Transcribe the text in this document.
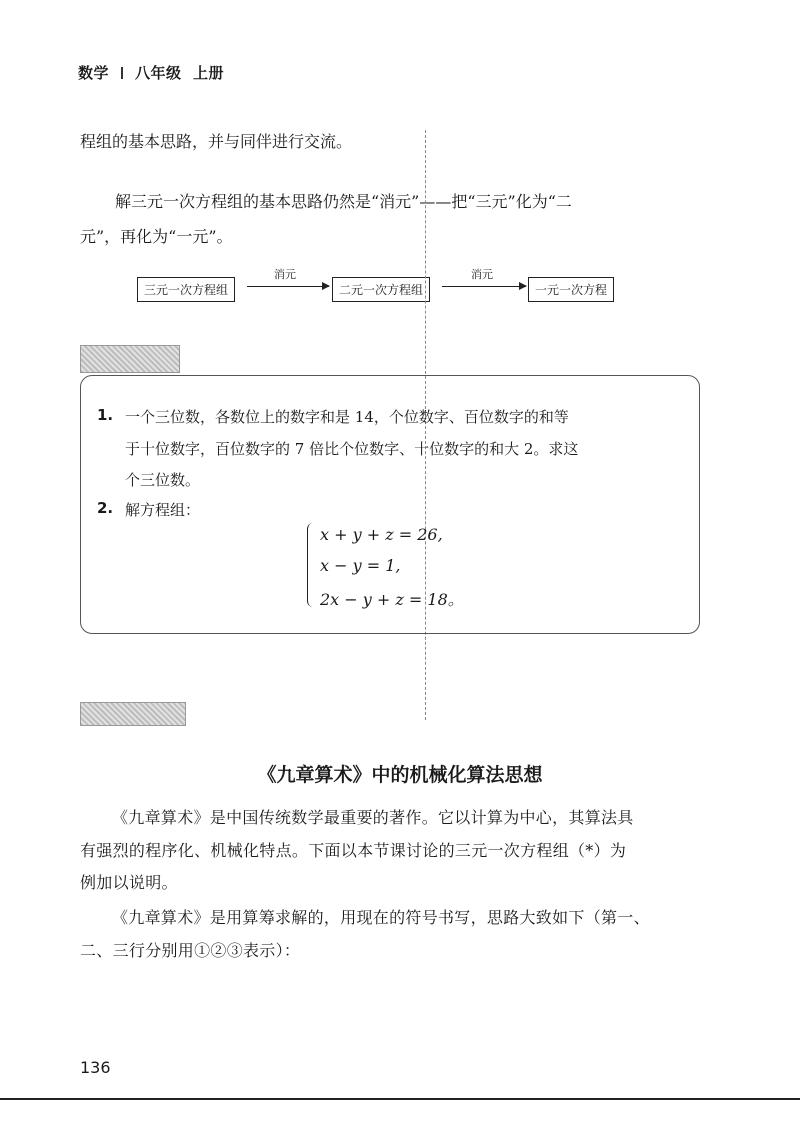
数学 八年级 上册
程组的基本思路，并与同伴进行交流。
解三元一次方程组的基本思路仍然是“消元”——把“三元”化为“二
元”，再化为“一元”。
三元一次方程组
消元
二元一次方程组
消元
一元一次方程
1. 一个三位数，各数位上的数字和是 14，个位数字、百位数字的和等
于十位数字，百位数字的 7 倍比个位数字、十位数字的和大 2。求这
个三位数。
2. 解方程组：
x + y + z = 26,
x − y = 1,
2x − y + z = 18。
《九章算术》中的机械化算法思想
《九章算术》是中国传统数学最重要的著作。它以计算为中心，其算法具
有强烈的程序化、机械化特点。下面以本节课讨论的三元一次方程组（*）为
例加以说明。
《九章算术》是用算筹求解的，用现在的符号书写，思路大致如下（第一、
二、三行分别用①②③表示）：
136
